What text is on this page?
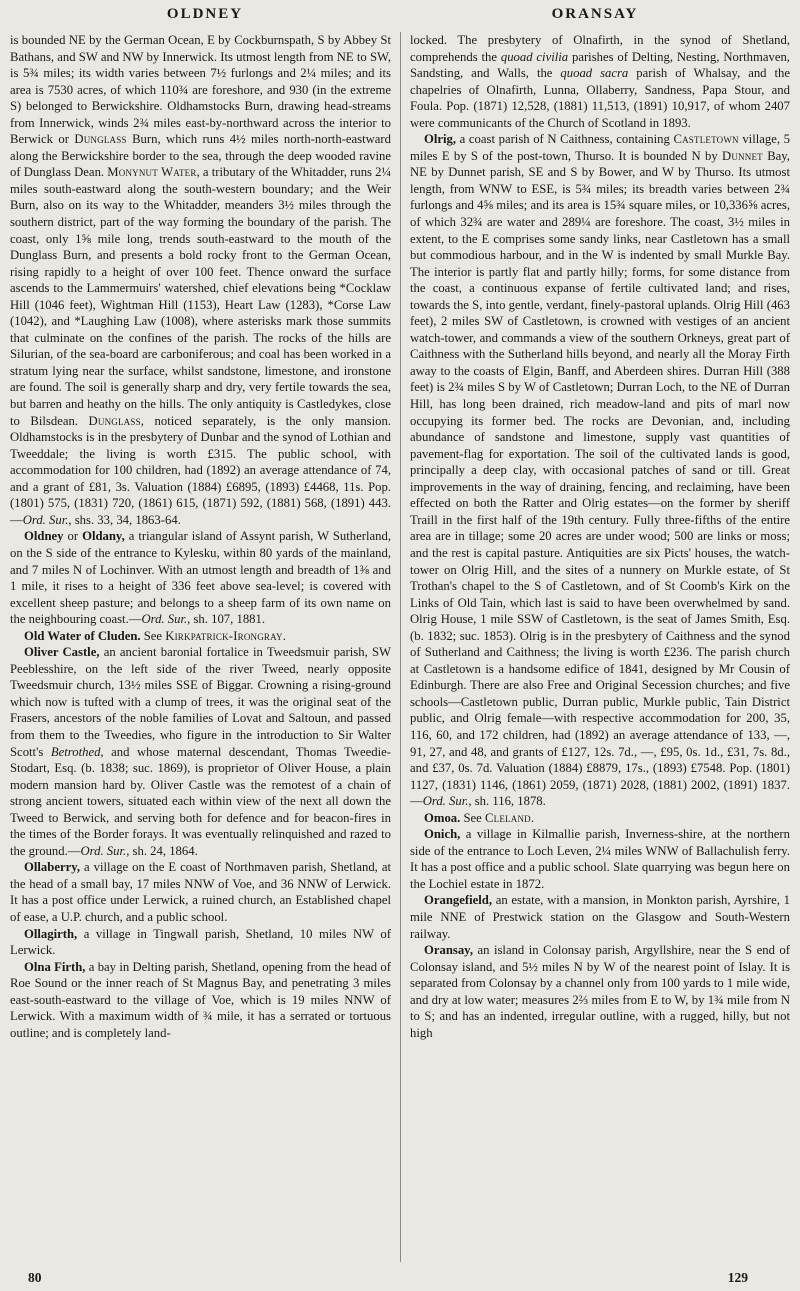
OLDNEY	ORANSAY

is bounded NE by the German Ocean, E by Cockburnspath, S by Abbey St Bathans, and SW and NW by Innerwick. Its utmost length from NE to SW, is 5¾ miles; its width varies between 7½ furlongs and 2¼ miles; and its area is 7530 acres, of which 110¾ are foreshore, and 930 (in the extreme S) belonged to Berwickshire. Oldhamstocks Burn, drawing head-streams from Innerwick, winds 2¾ miles east-by-northward across the interior to Berwick or Dunglass Burn, which runs 4½ miles north-north-eastward along the Berwickshire border to the sea, through the deep wooded ravine of Dunglass Dean. Monynut Water, a tributary of the Whitadder, runs 2¼ miles south-eastward along the south-western boundary; and the Weir Burn, also on its way to the Whitadder, meanders 3½ miles through the southern district, part of the way forming the boundary of the parish. The coast, only 1⅝ mile long, trends south-eastward to the mouth of the Dunglass Burn, and presents a bold rocky front to the German Ocean, rising rapidly to a height of over 100 feet. Thence onward the surface ascends to the Lammermuirs' watershed, chief elevations being *Cocklaw Hill (1046 feet), Wightman Hill (1153), Heart Law (1283), *Corse Law (1042), and *Laughing Law (1008), where asterisks mark those summits that culminate on the confines of the parish. The rocks of the hills are Silurian, of the sea-board are carboniferous; and coal has been worked in a stratum lying near the surface, whilst sandstone, limestone, and ironstone are found. The soil is generally sharp and dry, very fertile towards the sea, but barren and heathy on the hills. The only antiquity is Castledykes, close to Bilsdean. Dunglass, noticed separately, is the only mansion. Oldhamstocks is in the presbytery of Dunbar and the synod of Lothian and Tweeddale; the living is worth £315. The public school, with accommodation for 100 children, had (1892) an average attendance of 74, and a grant of £81, 3s. Valuation (1884) £6895, (1893) £4468, 11s. Pop. (1801) 575, (1831) 720, (1861) 615, (1871) 592, (1881) 568, (1891) 443.—Ord. Sur., shs. 33, 34, 1863-64.

Oldney or Oldany, a triangular island of Assynt parish, W Sutherland, on the S side of the entrance to Kylesku, within 80 yards of the mainland, and 7 miles N of Lochinver. With an utmost length and breadth of 1⅜ and 1 mile, it rises to a height of 336 feet above sea-level; is covered with excellent sheep pasture; and belongs to a sheep farm of its own name on the neighbouring coast.—Ord. Sur., sh. 107, 1881.

Old Water of Cluden. See Kirkpatrick-Irongray.

Oliver Castle, an ancient baronial fortalice in Tweedsmuir parish, SW Peeblesshire, on the left side of the river Tweed, nearly opposite Tweedsmuir church, 13½ miles SSE of Biggar. Crowning a rising-ground which now is tufted with a clump of trees, it was the original seat of the Frasers, ancestors of the noble families of Lovat and Saltoun, and passed from them to the Tweedies, who figure in the introduction to Sir Walter Scott's Betrothed, and whose maternal descendant, Thomas Tweedie-Stodart, Esq. (b. 1838; suc. 1869), is proprietor of Oliver House, a plain modern mansion hard by. Oliver Castle was the remotest of a chain of strong ancient towers, situated each within view of the next all down the Tweed to Berwick, and serving both for defence and for beacon-fires in the times of the Border forays. It was eventually relinquished and razed to the ground.—Ord. Sur., sh. 24, 1864.

Ollaberry, a village on the E coast of Northmaven parish, Shetland, at the head of a small bay, 17 miles NNW of Voe, and 36 NNW of Lerwick. It has a post office under Lerwick, a ruined church, an Established chapel of ease, a U.P. church, and a public school.

Ollagirth, a village in Tingwall parish, Shetland, 10 miles NW of Lerwick.

Olna Firth, a bay in Delting parish, Shetland, opening from the head of Roe Sound or the inner reach of St Magnus Bay, and penetrating 3 miles east-south-eastward to the village of Voe, which is 19 miles NNW of Lerwick. With a maximum width of ¾ mile, it has a serrated or tortuous outline; and is completely land-

locked. The presbytery of Olnafirth, in the synod of Shetland, comprehends the quoad civilia parishes of Delting, Nesting, Northmaven, Sandsting, and Walls, the quoad sacra parish of Whalsay, and the chapelries of Olnafirth, Lunna, Ollaberry, Sandness, Papa Stour, and Foula. Pop. (1871) 12,528, (1881) 11,513, (1891) 10,917, of whom 2407 were communicants of the Church of Scotland in 1893.

Olrig, a coast parish of N Caithness, containing Castletown village, 5 miles E by S of the post-town, Thurso. It is bounded N by Dunnet Bay, NE by Dunnet parish, SE and S by Bower, and W by Thurso. Its utmost length, from WNW to ESE, is 5¾ miles; its breadth varies between 2¾ furlongs and 4⅝ miles; and its area is 15¾ square miles, or 10,336⅝ acres, of which 32¾ are water and 289¼ are foreshore. The coast, 3½ miles in extent, to the E comprises some sandy links, near Castletown has a small but commodious harbour, and in the W is indented by small Murkle Bay. The interior is partly flat and partly hilly; forms, for some distance from the coast, a continuous expanse of fertile cultivated land; and rises, towards the S, into gentle, verdant, finely-pastoral uplands. Olrig Hill (463 feet), 2 miles SW of Castletown, is crowned with vestiges of an ancient watch-tower, and commands a view of the southern Orkneys, great part of Caithness with the Sutherland hills beyond, and nearly all the Moray Firth away to the coasts of Elgin, Banff, and Aberdeen shires. Durran Hill (388 feet) is 2¾ miles S by W of Castletown; Durran Loch, to the NE of Durran Hill, has long been drained, rich meadow-land and pits of marl now occupying its former bed. The rocks are Devonian, and, including abundance of sandstone and limestone, supply vast quantities of pavement-flag for exportation. The soil of the cultivated lands is good, principally a deep clay, with occasional patches of sand or till. Great improvements in the way of draining, fencing, and reclaiming, have been effected on both the Ratter and Olrig estates—on the former by sheriff Traill in the first half of the 19th century. Fully three-fifths of the entire area are in tillage; some 20 acres are under wood; 500 are links or moss; and the rest is capital pasture. Antiquities are six Picts' houses, the watch-tower on Olrig Hill, and the sites of a nunnery on Murkle estate, of St Trothan's chapel to the S of Castletown, and of St Coomb's Kirk on the Links of Old Tain, which last is said to have been overwhelmed by sand. Olrig House, 1 mile SSW of Castletown, is the seat of James Smith, Esq. (b. 1832; suc. 1853). Olrig is in the presbytery of Caithness and the synod of Sutherland and Caithness; the living is worth £236. The parish church at Castletown is a handsome edifice of 1841, designed by Mr Cousin of Edinburgh. There are also Free and Original Secession churches; and five schools—Castletown public, Durran public, Murkle public, Tain District public, and Olrig female—with respective accommodation for 200, 35, 116, 60, and 172 children, had (1892) an average attendance of 133, —, 91, 27, and 48, and grants of £127, 12s. 7d., —, £95, 0s. 1d., £31, 7s. 8d., and £37, 0s. 7d. Valuation (1884) £8879, 17s., (1893) £7548. Pop. (1801) 1127, (1831) 1146, (1861) 2059, (1871) 2028, (1881) 2002, (1891) 1837.—Ord. Sur., sh. 116, 1878.

Omoa. See Cleland.

Onich, a village in Kilmallie parish, Inverness-shire, at the northern side of the entrance to Loch Leven, 2¼ miles WNW of Ballachulish ferry. It has a post office and a public school. Slate quarrying was begun here on the Lochiel estate in 1872.

Orangefield, an estate, with a mansion, in Monkton parish, Ayrshire, 1 mile NNE of Prestwick station on the Glasgow and South-Western railway.

Oransay, an island in Colonsay parish, Argyllshire, near the S end of Colonsay island, and 5½ miles N by W of the nearest point of Islay. It is separated from Colonsay by a channel only from 100 yards to 1 mile wide, and dry at low water; measures 2⅔ miles from E to W, by 1¾ mile from N to S; and has an indented, irregular outline, with a rugged, hilly, but not high

80	129
